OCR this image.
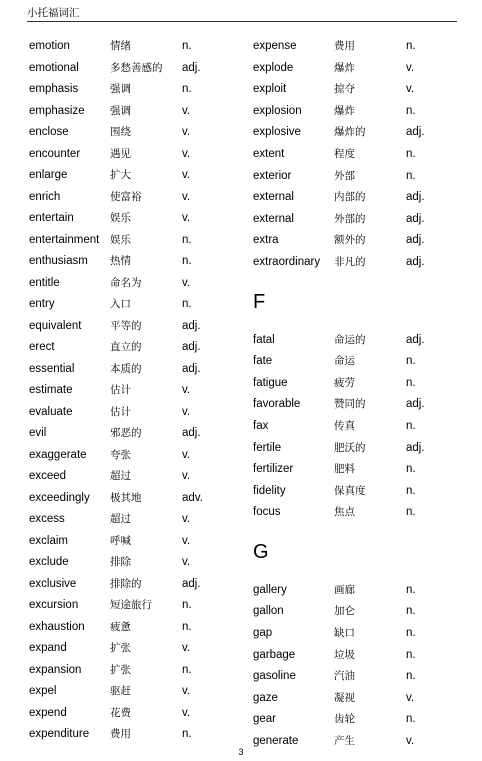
小托福词汇
emotion	情绪	n.
emotional	多愁善感的 adj.
emphasis	强调	n.
emphasize 强调	v.
enclose	围绕	v.
encounter	遇见	v.
enlarge	扩大	v.
enrich	使富裕	v.
entertain	娱乐	v.
entertainment 娱乐	n.
enthusiasm 热情	n.
entitle	命名为	v.
entry	入口	n.
equivalent	平等的	adj.
erect	直立的	adj.
essential	本质的	adj.
estimate	估计	v.
evaluate	估计	v.
evil	邪恶的	adj.
exaggerate 夸张	v.
exceed	超过	v.
exceedingly 极其地	adv.
excess	超过	v.
exclaim	呼喊	v.
exclude	排除	v.
exclusive	排除的	adj.
excursion	短途旅行	n.
exhaustion 疲惫	n.
expand	扩张	v.
expansion	扩张	n.
expel	驱赶	v.
expend	花费	v.
expenditure 费用	n.
expense	费用	n.
explode	爆炸	v.
exploit	掠夺	v.
explosion	爆炸	n.
explosive	爆炸的	adj.
extent	程度	n.
exterior	外部	n.
external	内部的	adj.
external	外部的	adj.
extra	额外的	adj.
extraordinary 非凡的	adj.
F
fatal	命运的	adj.
fate	命运	n.
fatigue	疲劳	n.
favorable	赞同的	adj.
fax	传真	n.
fertile	肥沃的	adj.
fertilizer	肥料	n.
fidelity	保真度	n.
focus	焦点	n.
G
gallery	画廊	n.
gallon	加仑	n.
gap	缺口	n.
garbage	垃圾	n.
gasoline	汽油	n.
gaze	凝视	v.
gear	齿轮	n.
generate	产生	v.
3
